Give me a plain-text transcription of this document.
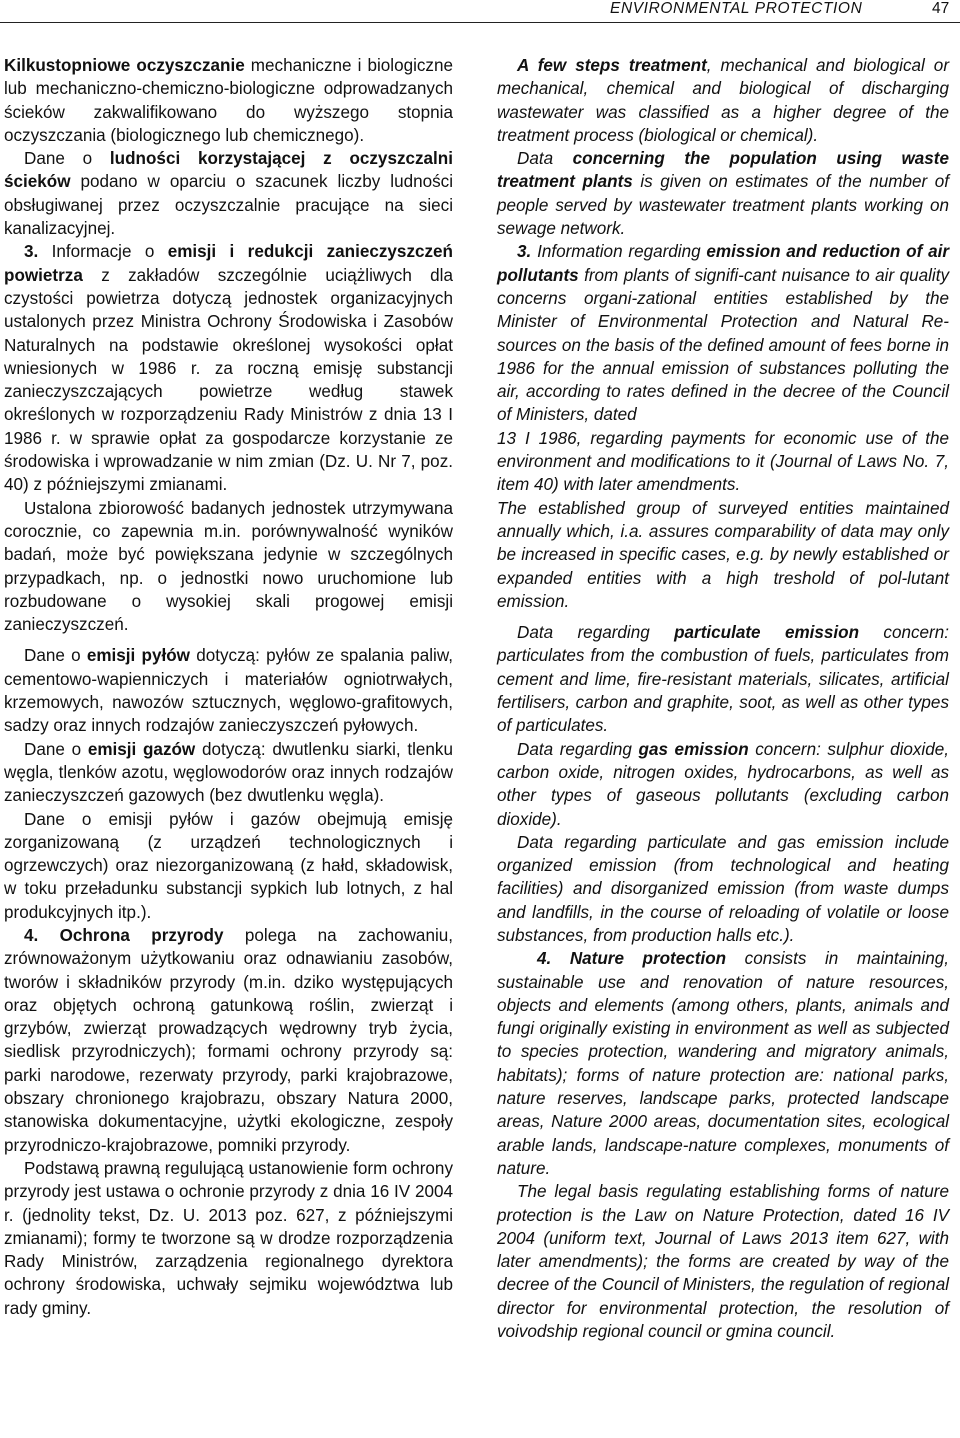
ENVIRONMENTAL PROTECTION	47

Kilkustopniowe oczyszczanie mechaniczne i biologiczne lub mechaniczno-chemiczno-biologiczne odprowadzanych ścieków zakwalifikowano do wyższego stopnia oczyszczania (biologicznego lub chemicznego).

Dane o ludności korzystającej z oczyszczalni ścieków podano w oparciu o szacunek liczby ludności obsługiwanej przez oczyszczalnie pracujące na sieci kanalizacyjnej.

3. Informacje o emisji i redukcji zanieczyszczeń powietrza z zakładów szczególnie uciążliwych dla czystości powietrza dotyczą jednostek organizacyjnych ustalonych przez Ministra Ochrony Środowiska i Zasobów Naturalnych na podstawie określonej wysokości opłat wniesionych w 1986 r. za roczną emisję substancji zanieczyszczających powietrze według stawek określonych w rozporządzeniu Rady Ministrów z dnia 13 I 1986 r. w sprawie opłat za gospodarcze korzystanie ze środowiska i wprowadzanie w nim zmian (Dz. U. Nr 7, poz. 40) z późniejszymi zmianami.

Ustalona zbiorowość badanych jednostek utrzymywana corocznie, co zapewnia m.in. porównywalność wyników badań, może być powiększana jedynie w szczególnych przypadkach, np. o jednostki nowo uruchomione lub rozbudowane o wysokiej skali progowej emisji zanieczyszczeń.

Dane o emisji pyłów dotyczą: pyłów ze spalania paliw, cementowo-wapienniczych i materiałów ogniotrwałych, krzemowych, nawozów sztucznych, węglowo-grafitowych, sadzy oraz innych rodzajów zanieczyszczeń pyłowych.

Dane o emisji gazów dotyczą: dwutlenku siarki, tlenku węgla, tlenków azotu, węglowodorów oraz innych rodzajów zanieczyszczeń gazowych (bez dwutlenku węgla).

Dane o emisji pyłów i gazów obejmują emisję zorganizowaną (z urządzeń technologicznych i ogrzewczych) oraz niezorganizowaną (z hałd, składowisk, w toku przeładunku substancji sypkich lub lotnych, z hal produkcyjnych itp.).

4. Ochrona przyrody polega na zachowaniu, zrównoważonym użytkowaniu oraz odnawianiu zasobów, tworów i składników przyrody (m.in. dziko występujących oraz objętych ochroną gatunkową roślin, zwierząt i grzybów, zwierząt prowadzących wędrowny tryb życia, siedlisk przyrodniczych); formami ochrony przyrody są: parki narodowe, rezerwaty przyrody, parki krajobrazowe, obszary chronionego krajobrazu, obszary Natura 2000, stanowiska dokumentacyjne, użytki ekologiczne, zespoły przyrodniczo-krajobrazowe, pomniki przyrody.

Podstawą prawną regulującą ustanowienie form ochrony przyrody jest ustawa o ochronie przyrody z dnia 16 IV 2004 r. (jednolity tekst, Dz. U. 2013 poz. 627, z późniejszymi zmianami); formy te tworzone są w drodze rozporządzenia Rady Ministrów, zarządzenia regionalnego dyrektora ochrony środowiska, uchwały sejmiku województwa lub rady gminy.

A few steps treatment, mechanical and biological or mechanical, chemical and biological of discharging wastewater was classified as a higher degree of the treatment process (biological or chemical).

Data concerning the population using waste treatment plants is given on estimates of the number of people served by wastewater treatment plants working on sewage network.

3. Information regarding emission and reduction of air pollutants from plants of signifi-cant nuisance to air quality concerns organi-zational entities established by the Minister of Environmental Protection and Natural Re-sources on the basis of the defined amount of fees borne in 1986 for the annual emission of substances polluting the air, according to rates defined in the decree of the Council of Ministers, dated

13 I 1986, regarding payments for economic use of the environment and modifications to it (Journal of Laws No. 7, item 40) with later amendments.

The established group of surveyed entities maintained annually which, i.a. assures comparability of data may only be increased in specific cases, e.g. by newly established or expanded entities with a high treshold of pol-lutant emission.

Data regarding particulate emission concern: particulates from the combustion of fuels, particulates from cement and lime, fire-resistant materials, silicates, artificial fertilisers, carbon and graphite, soot, as well as other types of particulates.

Data regarding gas emission concern: sulphur dioxide, carbon oxide, nitrogen oxides, hydrocarbons, as well as other types of gaseous pollutants (excluding carbon dioxide).

Data regarding particulate and gas emission include organized emission (from technological and heating facilities) and disorganized emission (from waste dumps and landfills, in the course of reloading of volatile or loose substances, from production halls etc.).

4. Nature protection consists in maintaining, sustainable use and renovation of nature resources, objects and elements (among others, plants, animals and fungi originally existing in environment as well as subjected to species protection, wandering and migratory animals, habitats); forms of nature protection are: national parks, nature reserves, landscape parks, protected landscape areas, Nature 2000 areas, documentation sites, ecological arable lands, landscape-nature complexes, monuments of nature.

The legal basis regulating establishing forms of nature protection is the Law on Nature Protection, dated 16 IV 2004 (uniform text, Journal of Laws 2013 item 627, with later amendments); the forms are created by way of the decree of the Council of Ministers, the regulation of regional director for environmental protection, the resolution of voivodship regional council or gmina council.
